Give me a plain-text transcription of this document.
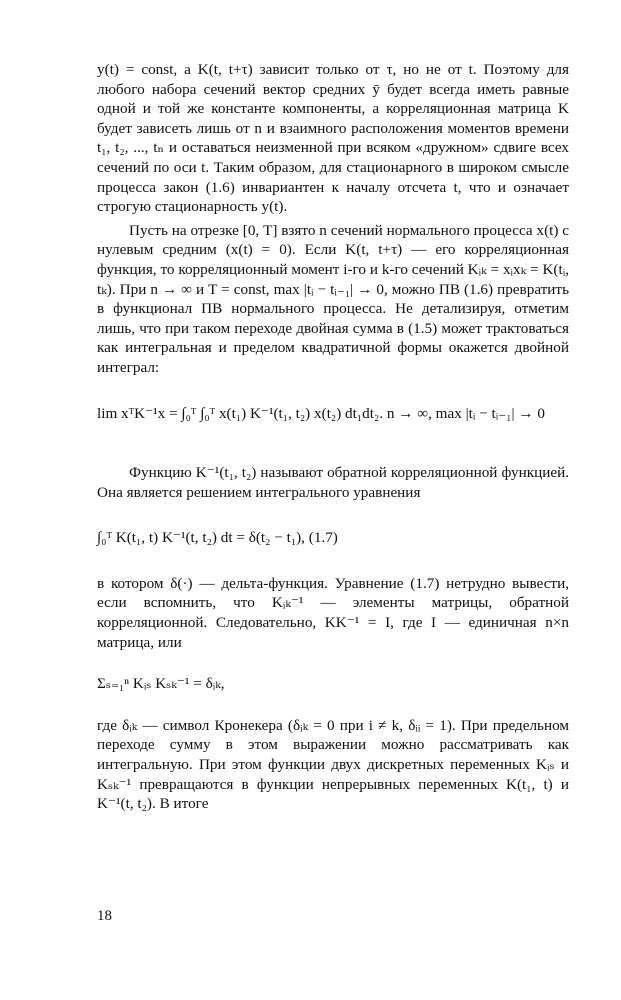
y(t) = const, а K(t, t+τ) зависит только от τ, но не от t. Поэтому для любого набора сечений вектор средних ȳ будет всегда иметь равные одной и той же константе компоненты, а корреляционная матрица K будет зависеть лишь от n и взаимного расположения моментов времени t₁, t₂, ..., tₙ и оставаться неизменной при всяком «дружном» сдвиге всех сечений по оси t. Таким образом, для стационарного в широком смысле процесса закон (1.6) инвариантен к началу отсчета t, что и означает строгую стационарность y(t).

Пусть на отрезке [0, T] взято n сечений нормального процесса x(t) с нулевым средним (x(t) = 0). Если K(t, t+τ) — его корреляционная функция, то корреляционный момент i-го и k-го сечений Kᵢₖ = xᵢxₖ = K(tᵢ, tₖ). При n → ∞ и T = const, max |tᵢ − tᵢ₋₁| → 0, можно ПВ (1.6) превратить в функционал ПВ нормального процесса. Не детализируя, отметим лишь, что при таком переходе двойная сумма в (1.5) может трактоваться как интегральная и пределом квадратичной формы окажется двойной интеграл:

lim xᵀK⁻¹x = ∫₀ᵀ ∫₀ᵀ x(t₁) K⁻¹(t₁, t₂) x(t₂) dt₁dt₂. n → ∞, max |tᵢ − tᵢ₋₁| → 0

Функцию K⁻¹(t₁, t₂) называют обратной корреляционной функцией. Она является решением интегрального уравнения

∫₀ᵀ K(t₁, t) K⁻¹(t, t₂) dt = δ(t₂ − t₁), (1.7)

в котором δ(·) — дельта-функция. Уравнение (1.7) нетрудно вывести, если вспомнить, что Kᵢₖ⁻¹ — элементы матрицы, обратной корреляционной. Следовательно, KK⁻¹ = I, где I — единичная n×n матрица, или

Σₛ₌₁ⁿ Kᵢₛ Kₛₖ⁻¹ = δᵢₖ,

где δᵢₖ — символ Кронекера (δᵢₖ = 0 при i ≠ k, δᵢᵢ = 1). При предельном переходе сумму в этом выражении можно рассматривать как интегральную. При этом функции двух дискретных переменных Kᵢₛ и Kₛₖ⁻¹ превращаются в функции непрерывных переменных K(t₁, t) и K⁻¹(t, t₂). В итоге

18
